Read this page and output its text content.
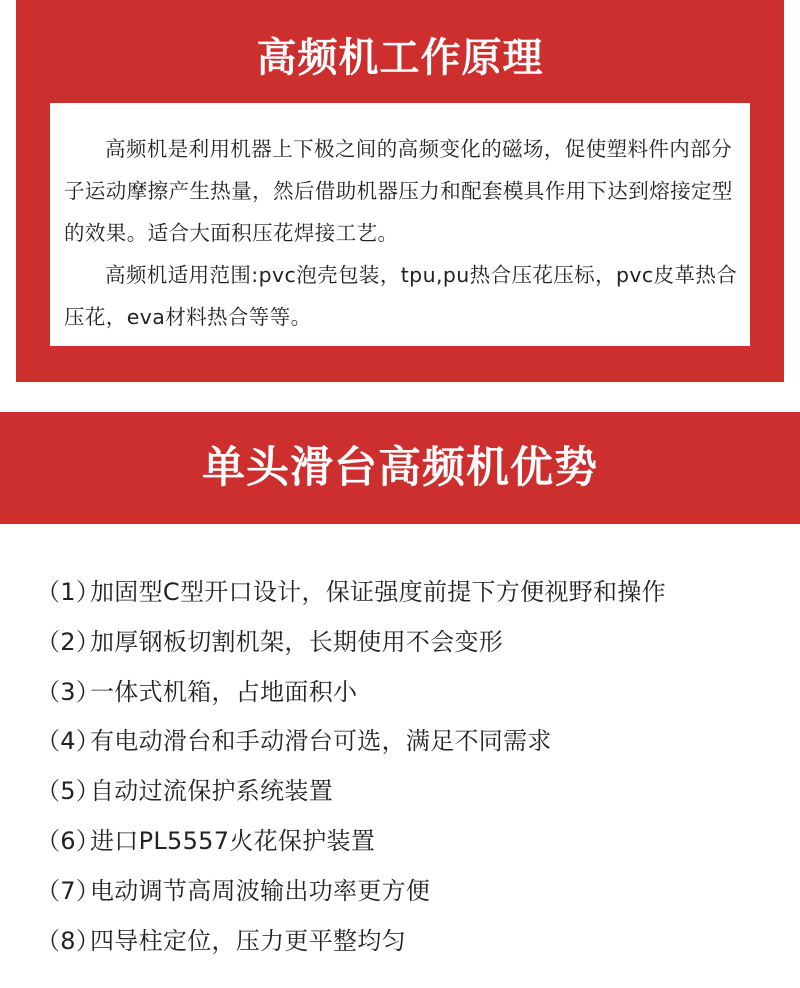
高频机工作原理

高频机是利用机器上下极之间的高频变化的磁场，促使塑料件内部分子运动摩擦产生热量，然后借助机器压力和配套模具作用下达到熔接定型的效果。适合大面积压花焊接工艺。

高频机适用范围:pvc泡壳包装，tpu,pu热合压花压标，pvc皮革热合压花，eva材料热合等等。

单头滑台高频机优势
（1）加固型C型开口设计，保证强度前提下方便视野和操作
（2）加厚钢板切割机架，长期使用不会变形
（3）一体式机箱，占地面积小
（4）有电动滑台和手动滑台可选，满足不同需求
（5）自动过流保护系统装置
（6）进口PL5557火花保护装置
（7）电动调节高周波输出功率更方便
（8）四导柱定位，压力更平整均匀
